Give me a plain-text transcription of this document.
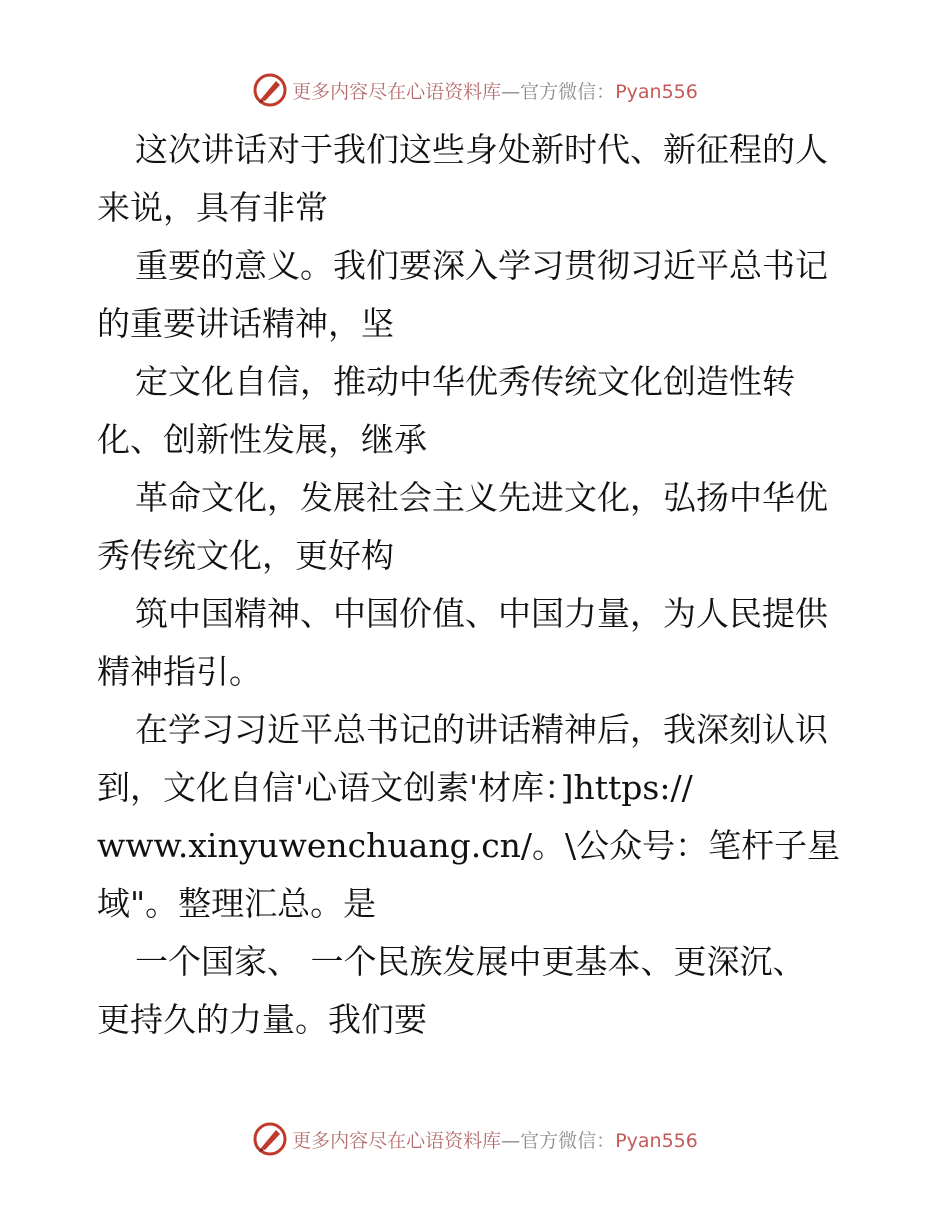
更多内容尽在心语资料库—官方微信：Pyan556

这次讲话对于我们这些身处新时代、新征程的人
来说，具有非常

重要的意义。我们要深入学习贯彻习近平总书记
的重要讲话精神，坚

定文化自信，推动中华优秀传统文化创造性转
化、创新性发展，继承

革命文化，发展社会主义先进文化，弘扬中华优
秀传统文化，更好构

筑中国精神、中国价值、中国力量，为人民提供
精神指引。

在学习习近平总书记的讲话精神后，我深刻认识
到，文化自信'心语文创素'材库：]https://
www.xinyuwenchuang.cn/。\公众号：笔杆子星
域"。整理汇总。是

一个国家、 一个民族发展中更基本、更深沉、
更持久的力量。我们要

更多内容尽在心语资料库—官方微信：Pyan556
